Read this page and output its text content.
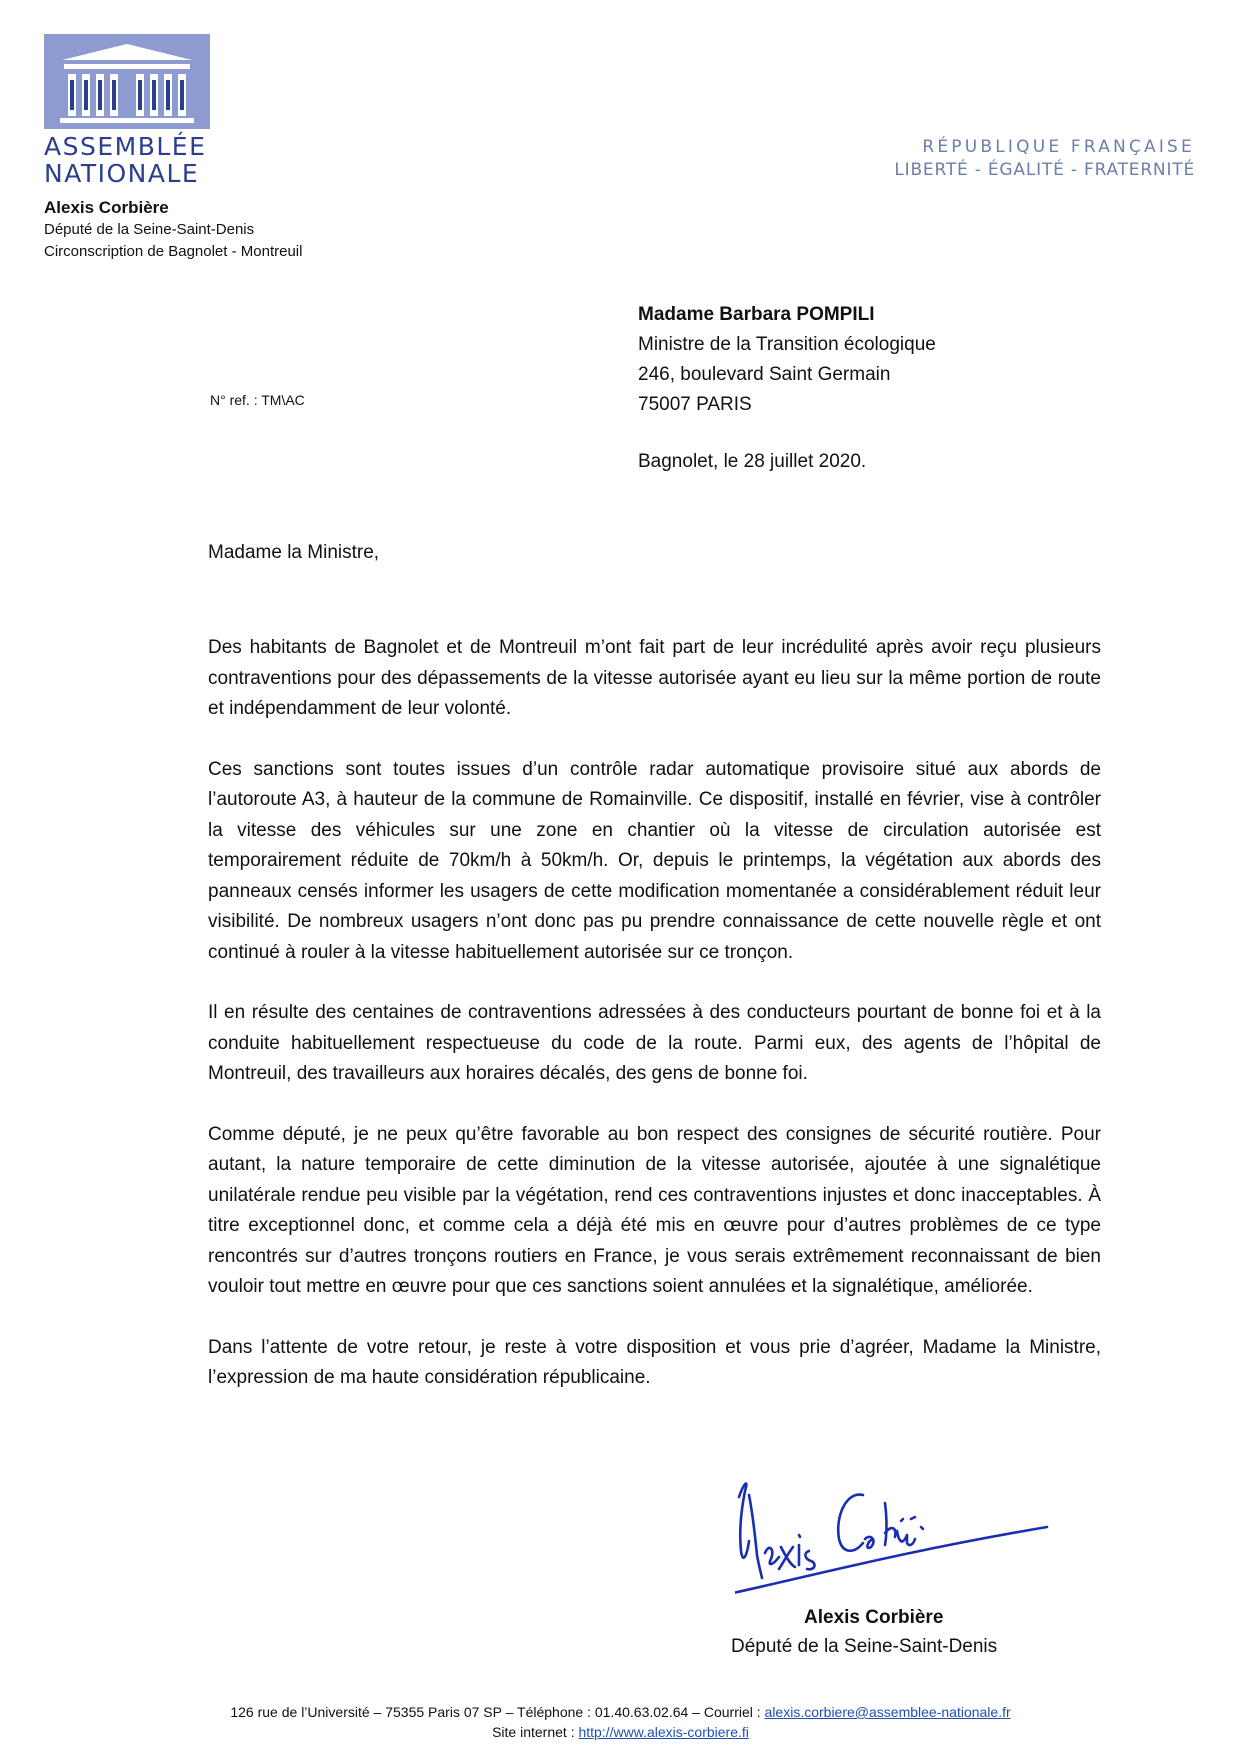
ASSEMBLÉE
NATIONALE
Alexis Corbière
Député de la Seine-Saint-Denis
Circonscription de Bagnolet - Montreuil
RÉPUBLIQUE FRANÇAISE
LIBERTÉ - ÉGALITÉ - FRATERNITÉ
Madame Barbara POMPILI
Ministre de la Transition écologique
246, boulevard Saint Germain
75007 PARIS
N° ref. : TM\AC
Bagnolet, le 28 juillet 2020.
Madame la Ministre,

Des habitants de Bagnolet et de Montreuil m’ont fait part de leur incrédulité après avoir reçu plusieurs contraventions pour des dépassements de la vitesse autorisée ayant eu lieu sur la même portion de route et indépendamment de leur volonté.

Ces sanctions sont toutes issues d’un contrôle radar automatique provisoire situé aux abords de l’autoroute A3, à hauteur de la commune de Romainville. Ce dispositif, installé en février, vise à contrôler la vitesse des véhicules sur une zone en chantier où la vitesse de circulation autorisée est temporairement réduite de 70km/h à 50km/h. Or, depuis le printemps, la végétation aux abords des panneaux censés informer les usagers de cette modification momentanée a considérablement réduit leur visibilité. De nombreux usagers n’ont donc pas pu prendre connaissance de cette nouvelle règle et ont continué à rouler à la vitesse habituellement autorisée sur ce tronçon.

Il en résulte des centaines de contraventions adressées à des conducteurs pourtant de bonne foi et à la conduite habituellement respectueuse du code de la route. Parmi eux, des agents de l’hôpital de Montreuil, des travailleurs aux horaires décalés, des gens de bonne foi.

Comme député, je ne peux qu’être favorable au bon respect des consignes de sécurité routière. Pour autant, la nature temporaire de cette diminution de la vitesse autorisée, ajoutée à une signalétique unilatérale rendue peu visible par la végétation, rend ces contraventions injustes et donc inacceptables. À titre exceptionnel donc, et comme cela a déjà été mis en œuvre pour d’autres problèmes de ce type rencontrés sur d’autres tronçons routiers en France, je vous serais extrêmement reconnaissant de bien vouloir tout mettre en œuvre pour que ces sanctions soient annulées et la signalétique, améliorée.

Dans l’attente de votre retour, je reste à votre disposition et vous prie d’agréer, Madame la Ministre, l’expression de ma haute considération républicaine.

Alexis Corbière
Député de la Seine-Saint-Denis
126 rue de l’Université – 75355 Paris 07 SP – Téléphone : 01.40.63.02.64 – Courriel : alexis.corbiere@assemblee-nationale.fr
Site internet : http://www.alexis-corbiere.fi
